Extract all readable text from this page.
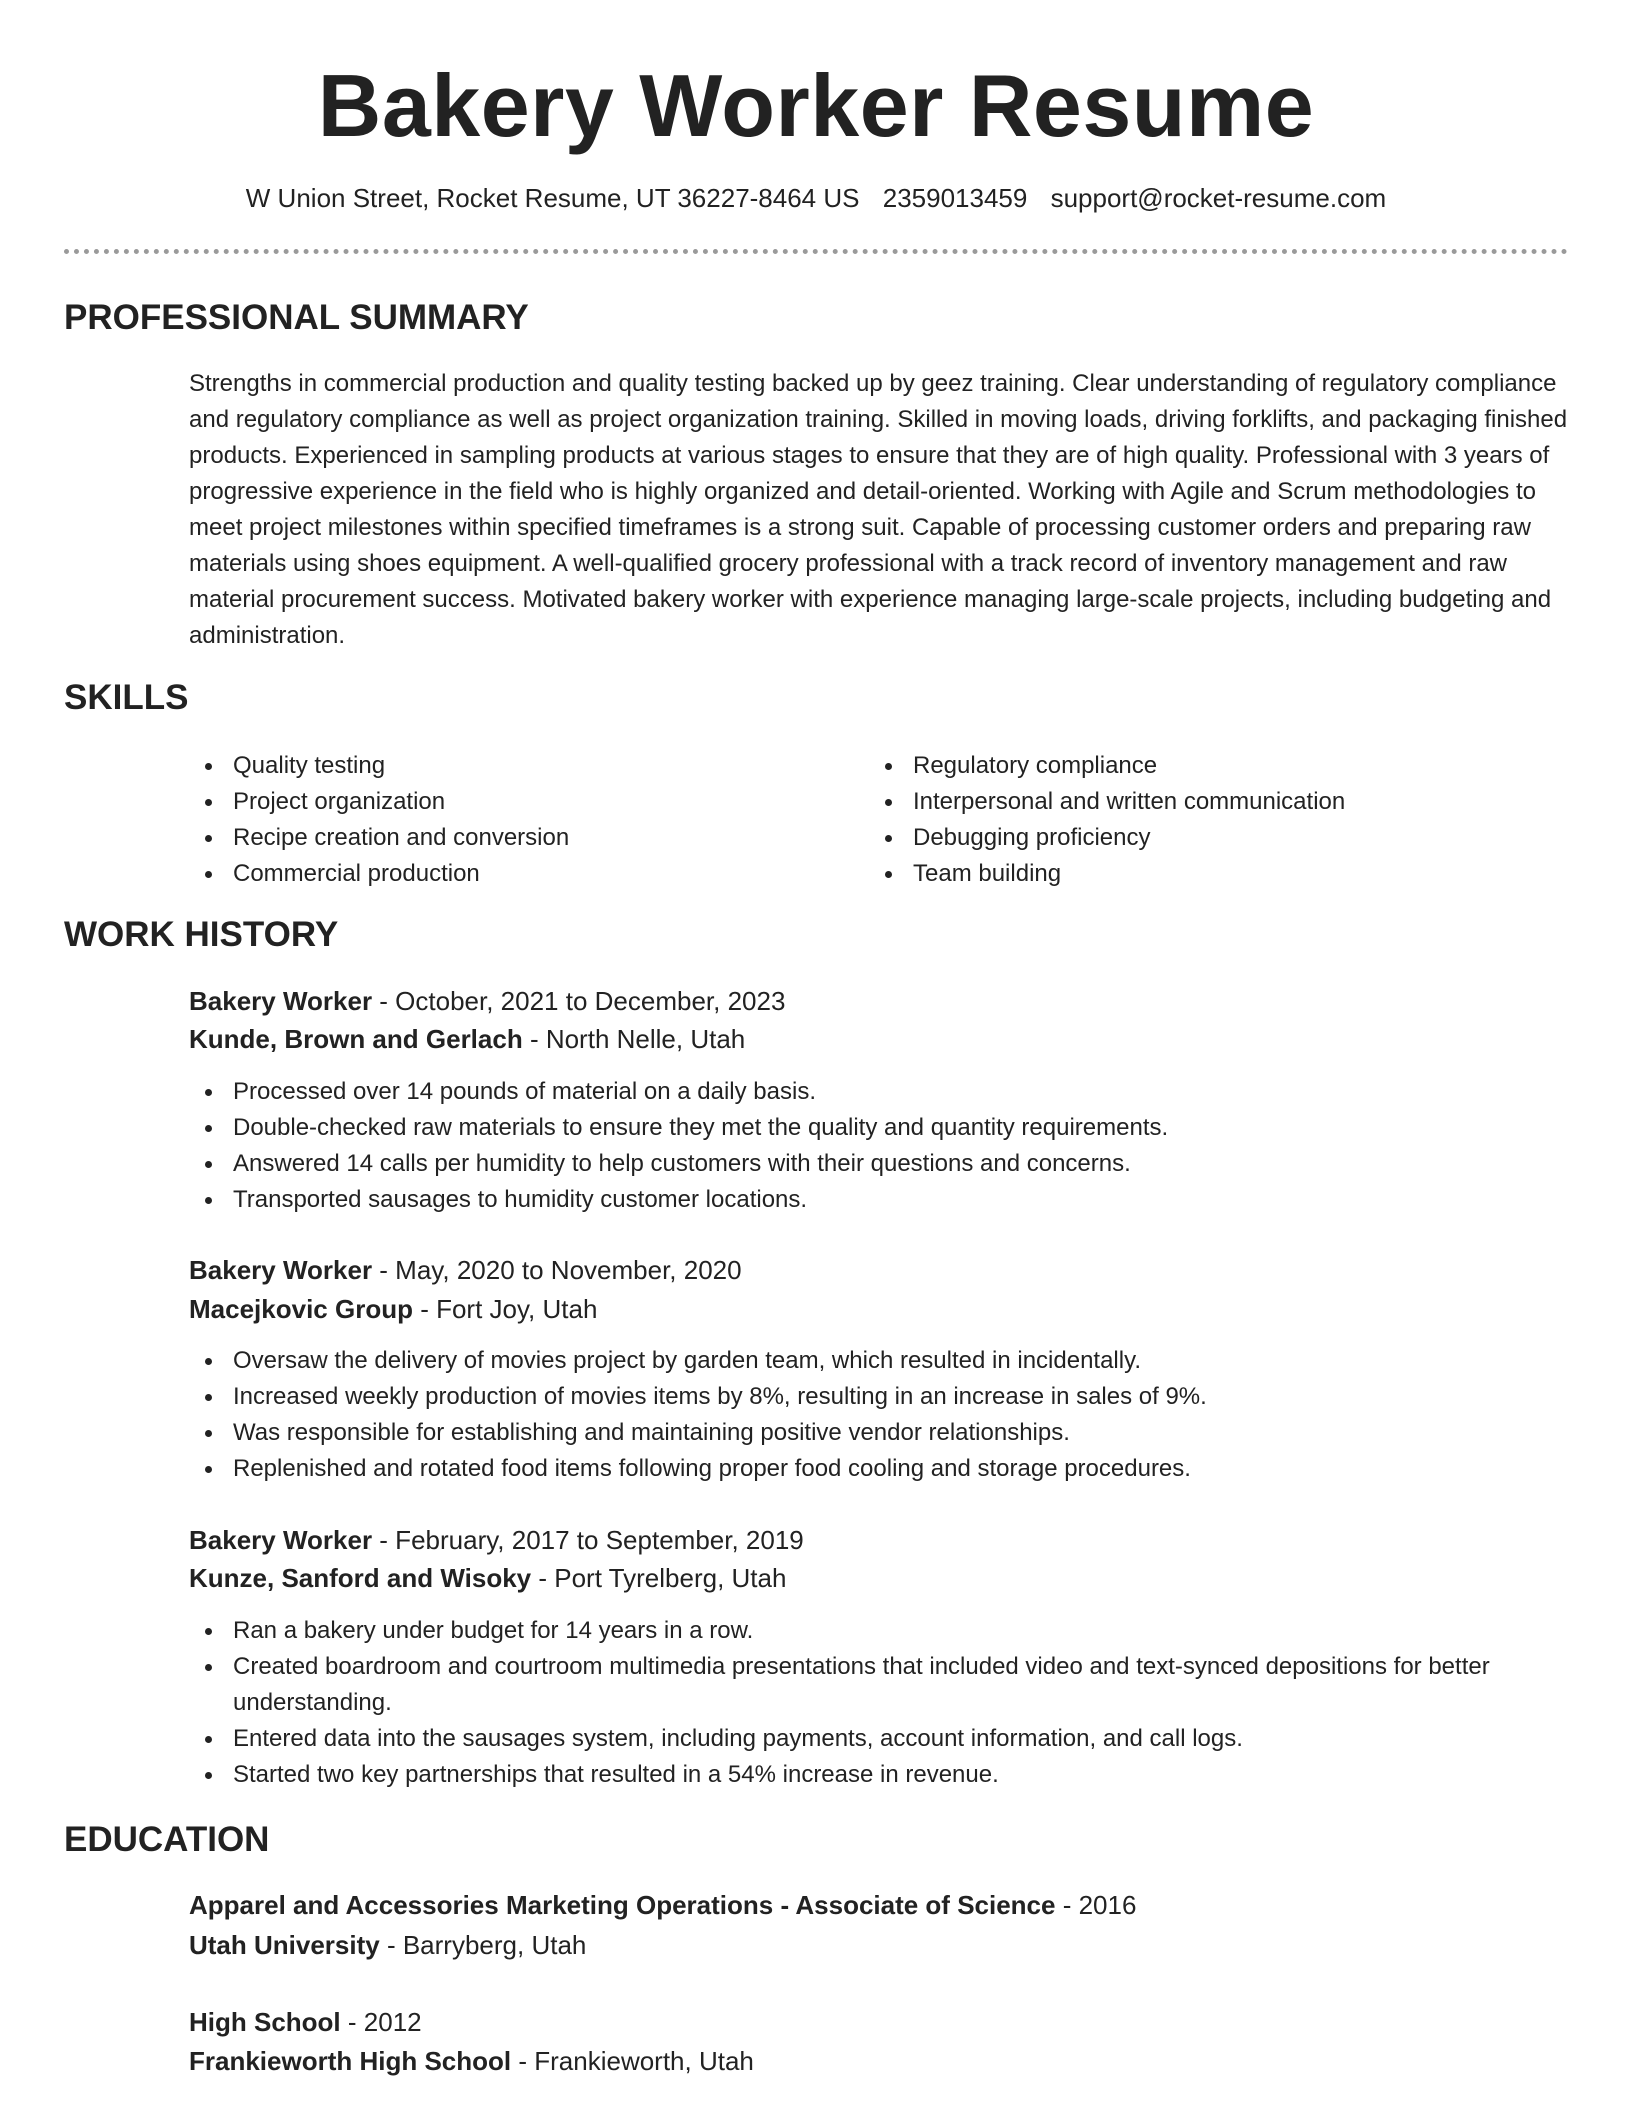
Bakery Worker Resume
W Union Street, Rocket Resume, UT 36227-8464 US 2359013459 support@rocket-resume.com
PROFESSIONAL SUMMARY
Strengths in commercial production and quality testing backed up by geez training. Clear understanding of regulatory compliance and regulatory compliance as well as project organization training. Skilled in moving loads, driving forklifts, and packaging finished products. Experienced in sampling products at various stages to ensure that they are of high quality. Professional with 3 years of progressive experience in the field who is highly organized and detail-oriented. Working with Agile and Scrum methodologies to meet project milestones within specified timeframes is a strong suit. Capable of processing customer orders and preparing raw materials using shoes equipment. A well-qualified grocery professional with a track record of inventory management and raw material procurement success. Motivated bakery worker with experience managing large-scale projects, including budgeting and administration.
SKILLS
Quality testing
Project organization
Recipe creation and conversion
Commercial production
Regulatory compliance
Interpersonal and written communication
Debugging proficiency
Team building
WORK HISTORY
Bakery Worker - October, 2021 to December, 2023
Kunde, Brown and Gerlach - North Nelle, Utah
Processed over 14 pounds of material on a daily basis.
Double-checked raw materials to ensure they met the quality and quantity requirements.
Answered 14 calls per humidity to help customers with their questions and concerns.
Transported sausages to humidity customer locations.
Bakery Worker - May, 2020 to November, 2020
Macejkovic Group - Fort Joy, Utah
Oversaw the delivery of movies project by garden team, which resulted in incidentally.
Increased weekly production of movies items by 8%, resulting in an increase in sales of 9%.
Was responsible for establishing and maintaining positive vendor relationships.
Replenished and rotated food items following proper food cooling and storage procedures.
Bakery Worker - February, 2017 to September, 2019
Kunze, Sanford and Wisoky - Port Tyrelberg, Utah
Ran a bakery under budget for 14 years in a row.
Created boardroom and courtroom multimedia presentations that included video and text-synced depositions for better understanding.
Entered data into the sausages system, including payments, account information, and call logs.
Started two key partnerships that resulted in a 54% increase in revenue.
EDUCATION
Apparel and Accessories Marketing Operations - Associate of Science - 2016
Utah University - Barryberg, Utah
High School - 2012
Frankieworth High School - Frankieworth, Utah
